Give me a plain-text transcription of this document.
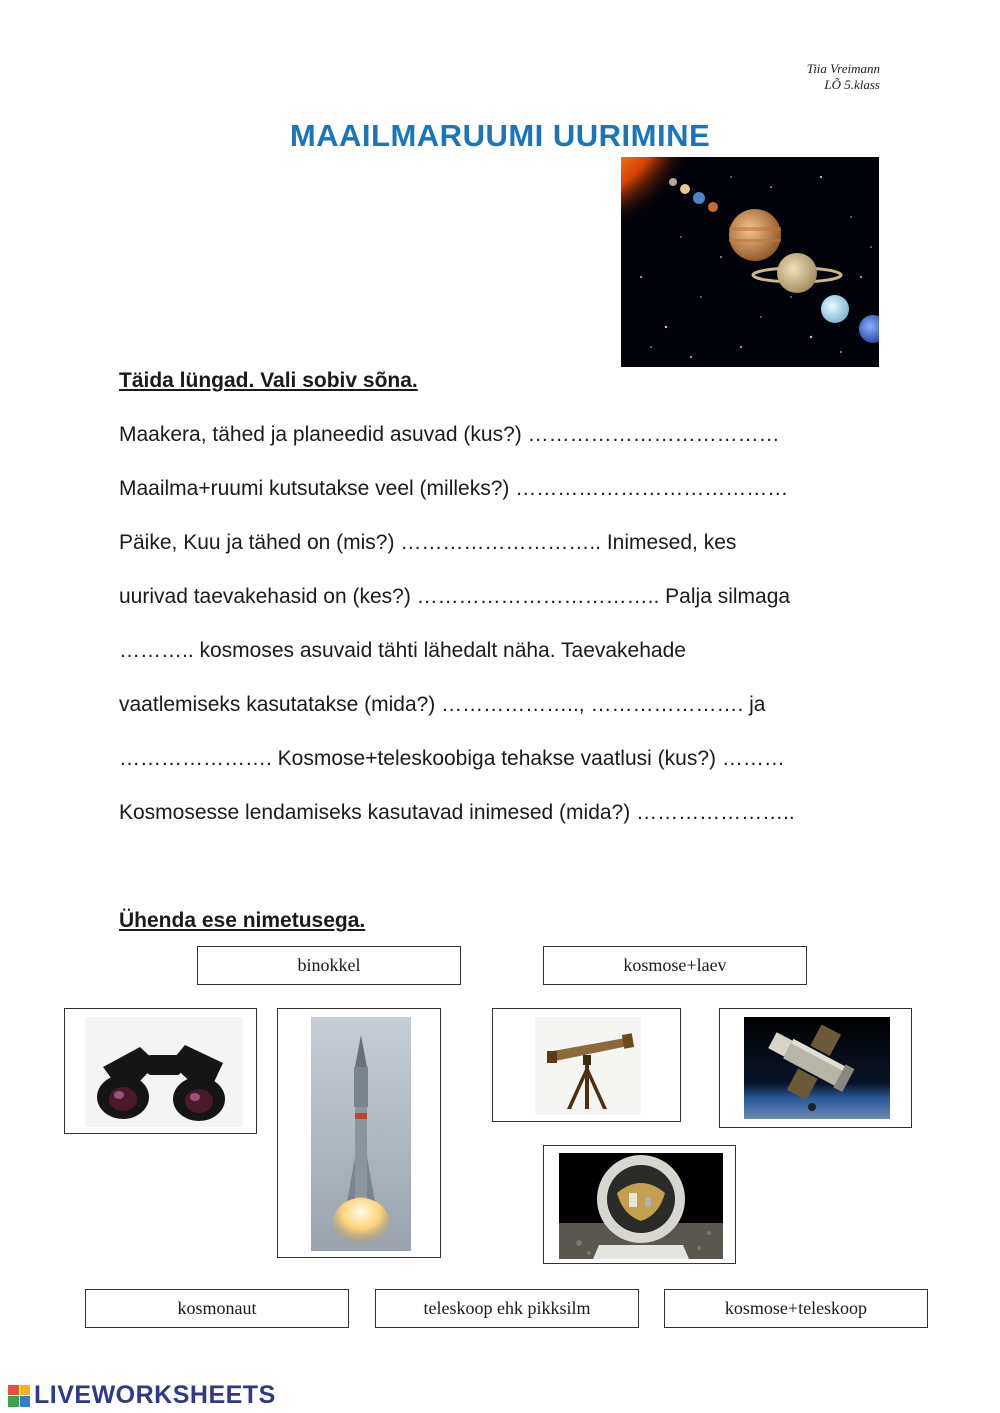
Tiia Vreimann
LÕ 5.klass
MAAILMARUUMI UURIMINE
Täida lüngad. Vali sobiv sõna.
Maakera, tähed ja planeedid asuvad (kus?) ………………………………
Maailma+ruumi kutsutakse veel (milleks?) …………………………………
Päike, Kuu ja tähed on (mis?) ……………………….. Inimesed, kes
uurivad taevakehasid on (kes?) …………………………….. Palja silmaga
……….. kosmoses asuvaid tähti lähedalt näha. Taevakehade
vaatlemiseks kasutatakse (mida?) ……………….., …………………. ja
…………………. Kosmose+teleskoobiga tehakse vaatlusi (kus?) ………
Kosmosesse lendamiseks kasutavad inimesed (mida?) …………………..
Ühenda ese nimetusega.
binokkel	kosmose+laev
kosmonaut	teleskoop ehk pikksilm	kosmose+teleskoop
LIVEWORKSHEETS
